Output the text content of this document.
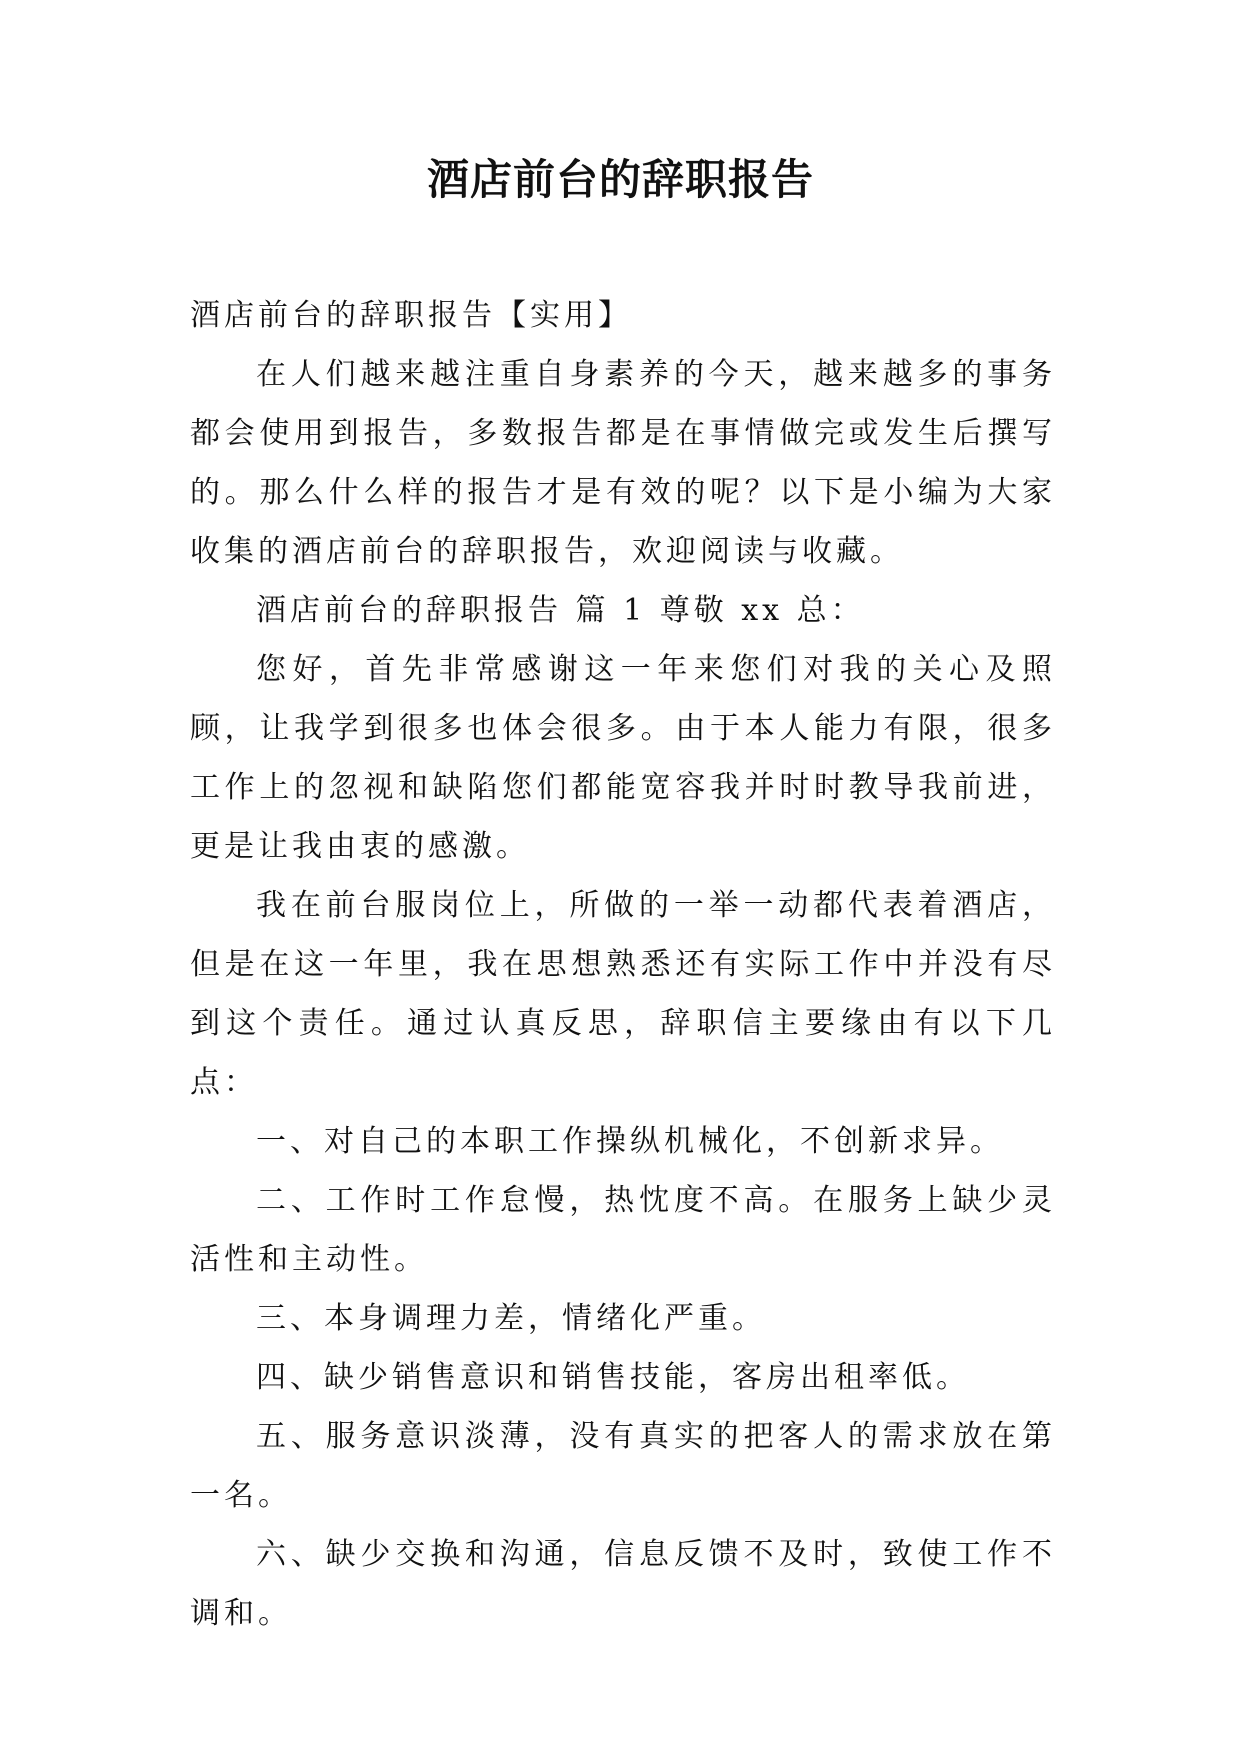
酒店前台的辞职报告

酒店前台的辞职报告【实用】

在人们越来越注重自身素养的今天，越来越多的事务都会使用到报告，多数报告都是在事情做完或发生后撰写的。那么什么样的报告才是有效的呢？以下是小编为大家收集的酒店前台的辞职报告，欢迎阅读与收藏。

酒店前台的辞职报告 篇 1 尊敬 xx 总：

您好，首先非常感谢这一年来您们对我的关心及照顾，让我学到很多也体会很多。由于本人能力有限，很多工作上的忽视和缺陷您们都能宽容我并时时教导我前进，更是让我由衷的感激。

我在前台服岗位上，所做的一举一动都代表着酒店，但是在这一年里，我在思想熟悉还有实际工作中并没有尽到这个责任。通过认真反思，辞职信主要缘由有以下几点：

一、对自己的本职工作操纵机械化，不创新求异。

二、工作时工作怠慢，热忱度不高。在服务上缺少灵活性和主动性。

三、本身调理力差，情绪化严重。

四、缺少销售意识和销售技能，客房出租率低。

五、服务意识淡薄，没有真实的把客人的需求放在第一名。

六、缺少交换和沟通，信息反馈不及时，致使工作不调和。
